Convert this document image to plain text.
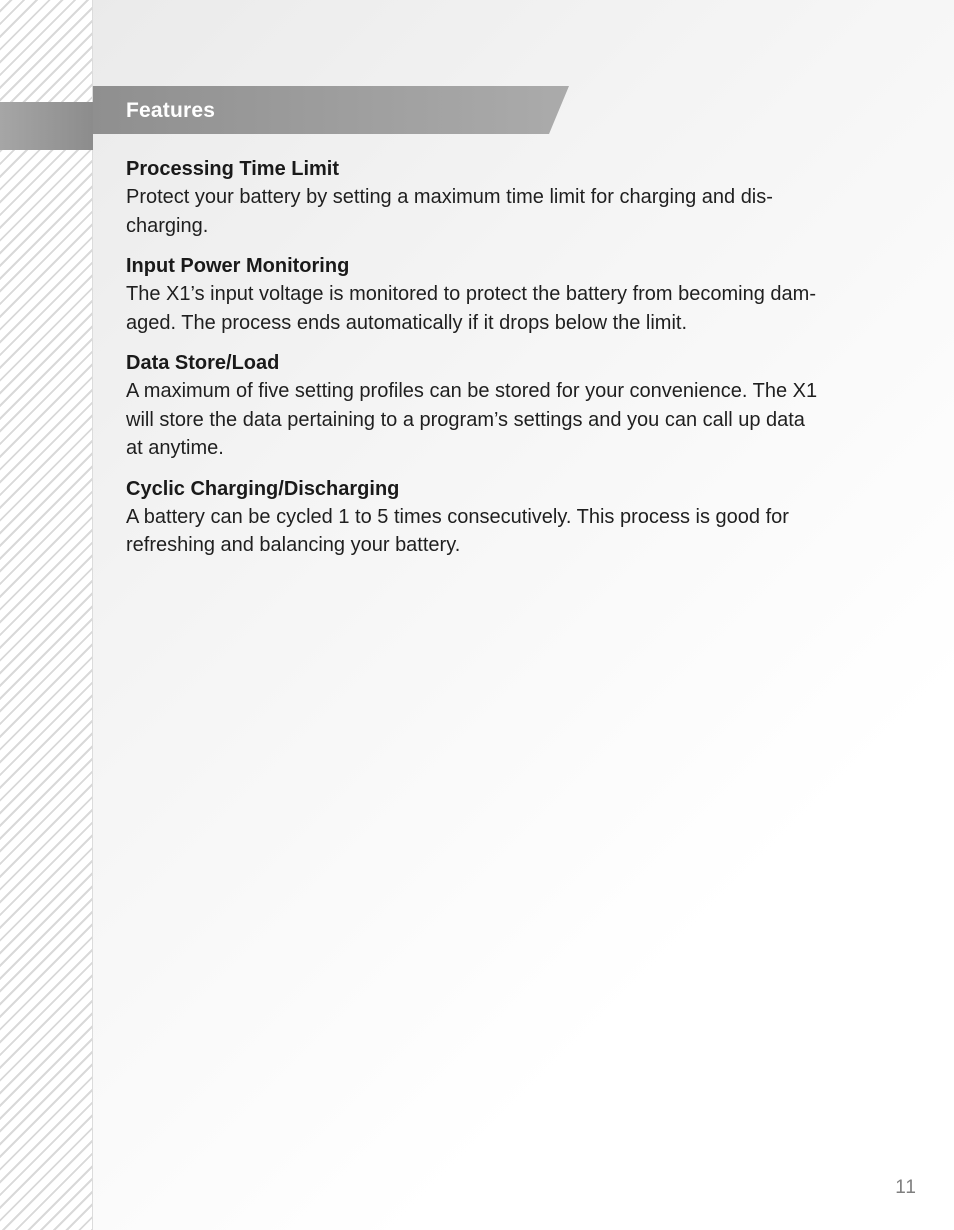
Features
Processing Time Limit
Protect your battery by setting a maximum time limit for charging and dis-
charging.
Input Power Monitoring
The X1’s input voltage is monitored to protect the battery from becoming dam-
aged. The process ends automatically if it drops below the limit.
Data Store/Load
A maximum of five setting profiles can be stored for your convenience. The X1
will store the data pertaining to a program’s settings and you can call up data
at anytime.
Cyclic Charging/Discharging
A battery can be cycled 1 to 5 times consecutively. This process is good for
refreshing and balancing your battery.
11
